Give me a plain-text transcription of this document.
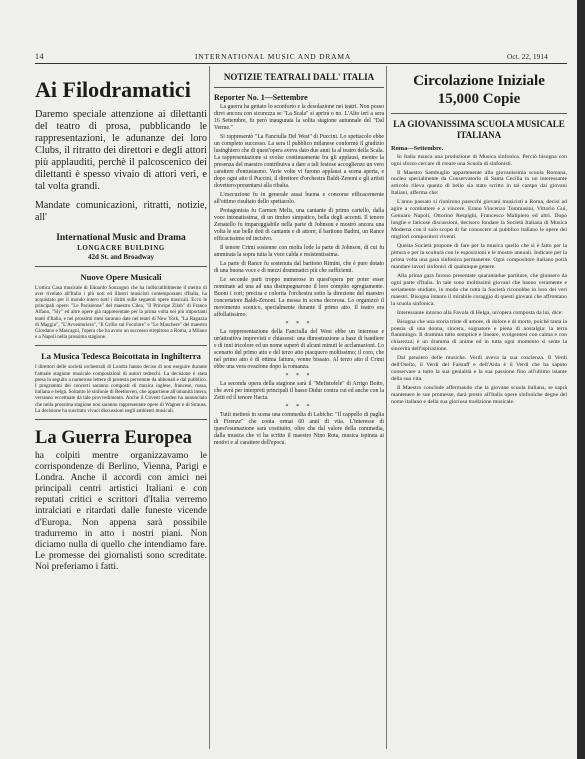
14	INTERNATIONAL MUSIC AND DRAMA	Oct. 22, 1914
Ai Filodramatici
Daremo speciale attenzione ai dilettanti del teatro di prosa, pubblicando le rappresentazioni, le adunanze dei loro Clubs, il ritratto dei direttori e degli attori più applauditi, perchè il palcoscenico dei dilettanti è spesso vivaio di attori veri, e tal volta grandi.
Mandate comunicazioni, ritratti, notizie, all'
International Music and Drama
LONGACRE BUILDING
42d St. and Broadway
Nuove Opere Musicali
L'ottica Casa musicale di Edoardo Sonzogno che ha indiscutibilmente il merito di aver rivelato all'Italia i più noti ed illustri musicisti contemporanei d'Italia, ha acquistato per il mondo intero tutti i diritti sulle seguenti opere musicali. Ecco le principali opere: "Le Parisienne" del maestro Cilea, "Il Principe Zilah" di Franco Alfano, "Sly" ed altre opere già rappresentate per la prima volta nei più importanti teatri d'Italia, e nei prossimi mesi saranno date nei teatri di New York, "La Ragazza di Maggio", "L'Avventuriera", "Il Grillo sul Focolare" e "Le Maschere" del maestro Giordano e Mascagni, l'opera che ha avuto un successo strepitoso a Roma, a Milano e a Napoli nella prossima stagione.
La Musica Tedesca Boicottata in Inghilterra
I direttori delle società orchestrali di Londra hanno deciso di non eseguire durante l'attuale stagione musicale composizioni di autori tedeschi. La decisione è stata presa in seguito a numerose lettere di protesta pervenute da abbonati e dal pubblico. I programmi dei concerti saranno composti di musica inglese, francese, russa, italiana e belga. Soltanto le sinfonie di Beethoven, che appartiene all'umanità intera, verranno eccettuate da tale provvedimento. Anche il Covent Garden ha annunciato che nella prossima stagione non saranno rappresentate opere di Wagner e di Strauss. La decisione ha suscitato vivaci discussioni negli ambienti musicali.
La Guerra Europea
ha colpiti mentre organizzavamo le corrispondenze di Berlino, Vienna, Parigi e Londra. Anche il accordi con amici nei principali centri artistici Italiani e con reputati critici e scrittori d'Italia verremo intralciati e ritardati dalle funeste vicende d'Europa. Non appena sarà possibile tradurremo in atto i nostri piani. Non diciamo nulla di quello che intendiamo fare. Le promesse dei giornalisti sono screditate. Noi preferiamo i fatti.
NOTIZIE TEATRALI DALL' ITALIA
Reporter No. 1—Settembre
La guerra ha gettato lo sconforto e la desolazione nei teatri. Non posso dirvi ancora con sicurezza se "La Scala" si aprirà o no. L'Alto ieri a sera 16 Settembre, fu però inaugurata la solita stagione autunnale del "Dal Verme."
Si rappresentò "La Fanciulla Del West" di Puccini. Lo spettacolo ebbe un completo successo. La sera il pubblico milanese conformò il giudizio lusinghiero che di quest'opera aveva dato due anni fa al teatro della Scala. La rappresentazione si svolse continuamente fra gli applausi, mentre la presenza del maestro contribuiva a dare a tali festose accoglienze un vero carattere d'entusiasmo. Varie volte vi furono applausi a scena aperta, e dopo ogni atto il Puccini, il direttore d'orchestra Baldi-Zenoni e gli artisti dovettero presentarsi alla ribalta.
L'esecuzione fu in generale assai buona e concorse efficacemente all'ottimo risultato dello spettacolo.
Protagonista fu Carmen Melis, una cantante di primo cartello, dalla voce intonatissima, di un timbro simpatico, bella degli accenti. Il tenore Zenatello fu impareggiabile nella parte di Johnson e mostrò ancora una volta le sue belle doti di cantante e di attore; il baritono Badini, un Rance efficacissimo ed incisivo.
Il tenore Crimi sostenne con molta lode la parte di Johnson, di cui fu ammirata la sopra tutta la voce calda e resistentissima.
La parte di Rance fu sostenuta dal baritono Rimini, che è pure dotato di una buona voce e di mezzi drammatici più che sufficienti.
Le seconde parti troppo numerose in quest'opera per poter esser nominate ad una ad una disimpegnarono il loro compito egregiamente. Buoni i cori; precisa e colorita l'orchestra sotto la direzione del maestro concertatore Baldi-Zenoni. La messa in scena decorosa. Lo organizzò il movimento scenico, specialmente durante il primo atto. Il teatro era affollatissimo.
* * *
La rappresentazione della Fanciulla del West ebbe un interesse e un'attrattiva imprevisti e chiassosi: una dimostrazione a base di bandiere e di inni tricolore ed un nome superò di alcuni minuti le acclamazioni. Lo scenario del primo atto e del terzo atto piacquero moltissimo; il coro, che nel primo atto è di ottima fattura, venne bissato. Al terzo atto il Crimi ebbe una vera ovazione dopo la romanza.
* * *
La seconda opera della stagione sarà il "Mefistofele" di Arrigo Boito, che avrà per interpreti principali il basso Didur contra cui ed anche con la Zetti ed il tenore Hacta.
* * *
Tutti metterà in scena una commedia di Labiche: "Il cappello di paglia di Firenze" che conta ormai 60 anni di vita. L'interesse di quest'esumazione sarà costituito, oltre che dal valore della commedia, dalla musica che vi ha scritto il maestro Nino Rota, musica ispirata ai motivi e al carattere dell'epoca.
Circolazione Iniziale 15,000 Copie
LA GIOVANISSIMA SCUOLA MUSICALE ITALIANA
Roma—Settembre.
In Italia manca una produzione di Musica sinfonica. Perciò bisogna con ogni sforzo cercare di creare una Scuola di sinfonisti.
Il Maestro Sambuglio appartenente alla giovanissima scuola Romana, nucleo specialmente da Conservatorio di Santa Cecilia in un interessante articolo rileva quanto di bello sia stato scritto in tal campo dai giovani Italiani, afferma che:
L'anno passato si riunirono parecchi giovani musicisti a Roma, decisi ad agire a combattere e a vincere. Erano Vincenzo Tommasini, Vittorio Gui, Gennaro Napoli, Ottorino Respighi, Francesco Malipiero ed altri. Dopo lunghe e faticose discussioni, decisero fondare la Società Italiana di Musica Moderna con il solo scopo di far conoscere al pubblico italiano le opere dei migliori compositori viventi.
Questa Società propone di fare per la musica quello che si è fatto per la pittura e per la scultura con le esposizioni e le mostre annuali. Indicare per la prima volta una gara sinfonica permanente. Ogni compositore italiano potrà mandare lavori sinfonici di qualunque genere.
Alla prima gara furono presentate quarantadue partiture, che giunsero da ogni parte d'Italia. In tale sono moltissimi giovani che hanno veramente e seriamente studiato, in modo che tutta la Società riconobbe in loro dei veri maestri. Bisogna intanto il mirabile coraggio di questi giovani che affrontano la scuola sinfonica.
Interessante intorno alla Favola di Helga, un'opera composta da lui, dice:
Bisogna che una storia triste di amore, di dolore e di morte, poiché tanta la poesia di una donna, sincera, sognatore e piena di nostalgia: la terra fiammingo. Il dramma tutto semplice e lineare, svolgentesi con calma e con chiarezza; è un dramma di anime ed in tutta ogni momento si sente la sincerità dell'ispirazione.
Dal pensiero delle musiche. Verdi aveva la sua coscienza. Il Verdi dell'Otello, il Verdi del Falstaff e dell'Aida è il Verdi che ha saputo conservare a tutto la sua genialità e la sua passione fino all'ultimo istante della sua vita.
Il Maestro conclude affermando che la giovane scuola italiana, se saprà mantenere le sue promesse, darà presto all'Italia opere sinfoniche degne del nome italiano e della sua gloriosa tradizione musicale.
